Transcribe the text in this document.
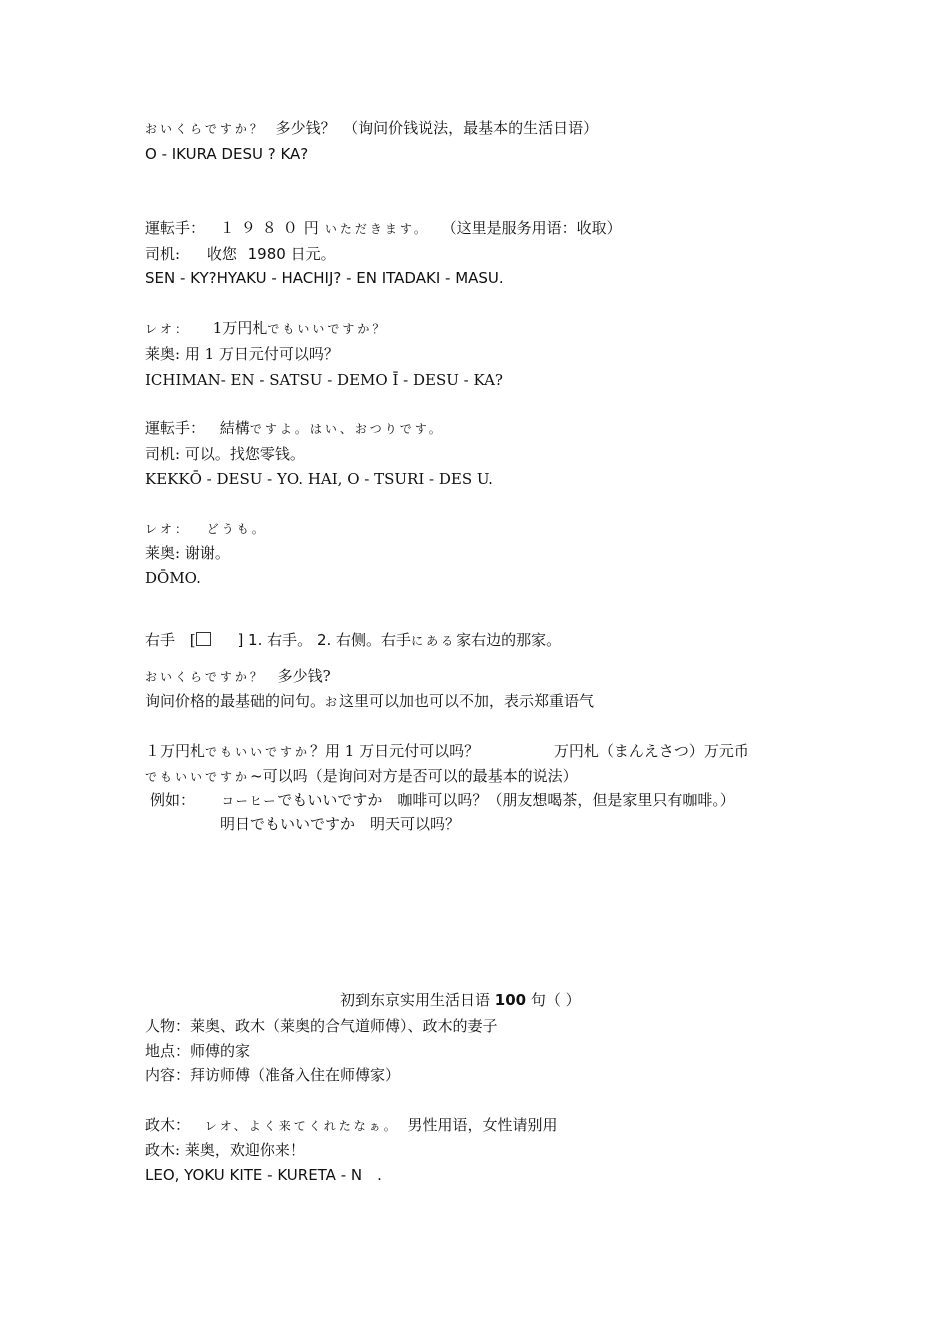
おいくらですか？ 多少钱？　（询问价钱说法，最基本的生活日语）
O - IKURA DESU ? KA?
運転手： １９８０円いただきます。 （这里是服务用语：收取）
司机: 收您 1980 日元。
SEN - KY?HYAKU - HACHIJ? - EN ITADAKI - MASU.
レオ： 1万円札でもいいですか？
莱奥: 用 1 万日元付可以吗？
ICHIMAN- EN - SATSU - DEMO Ī - DESU - KA?
運転手： 結構ですよ。はい、おつりです。
司机: 可以。找您零钱。
KEKKŌ - DESU - YO. HAI, O - TSURI - DES U.
レオ： どうも。
莱奥: 谢谢。
DŌMO.
右手 [	] 1. 右手。 2. 右侧。右手にある家右边的那家。
おいくらですか？ 多少钱?
询问价格的最基础的问句。お这里可以加也可以不加，表示郑重语气
１万円札でもいいですか？用 1 万日元付可以吗？	万円札（まんえさつ）万元币
でもいいですか~可以吗（是询问对方是否可以的最基本的说法）
例如： コーヒーでもいいですか　咖啡可以吗？（朋友想喝茶，但是家里只有咖啡。）
明日でもいいですか　明天可以吗？
初到东京实用生活日语 100 句（ ）
人物：莱奥、政木（莱奥的合气道师傅）、政木的妻子
地点：师傅的家
内容：拜访师傅（准备入住在师傅家）
政木： レオ、よく来てくれたなぁ。 男性用语，女性请别用
政木: 莱奥，欢迎你来！
LEO, YOKU KITE - KURETA - N　.
